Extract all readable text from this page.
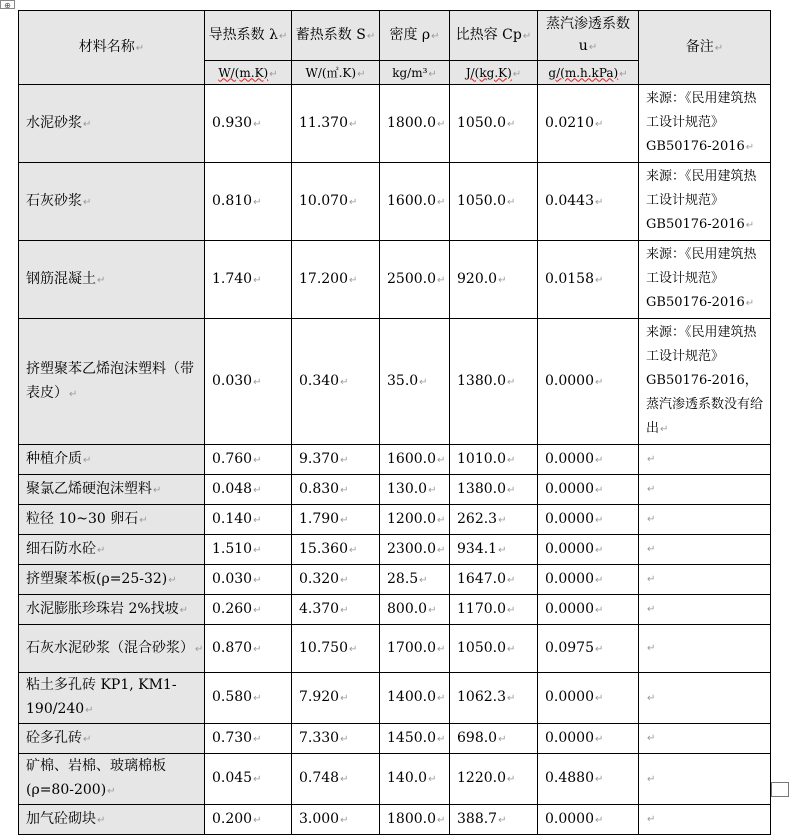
⊕
材料名称↵	导热系数 λ↵	蓄热系数 S↵	密度 ρ↵	比热容 Cp↵	蒸汽渗透系数 u↵	备注↵
	W/(m.K)↵	W/(㎡.K)↵	kg/m³↵	J/(kg.K)↵	g/(m.h.kPa)↵	
水泥砂浆↵	0.930↵	11.370↵	1800.0↵	1050.0↵	0.0210↵	来源：《民用建筑热工设计规范》GB50176-2016↵
石灰砂浆↵	0.810↵	10.070↵	1600.0↵	1050.0↵	0.0443↵	来源：《民用建筑热工设计规范》GB50176-2016↵
钢筋混凝土↵	1.740↵	17.200↵	2500.0↵	920.0↵	0.0158↵	来源：《民用建筑热工设计规范》GB50176-2016↵
挤塑聚苯乙烯泡沫塑料（带表皮）↵	0.030↵	0.340↵	35.0↵	1380.0↵	0.0000↵	来源：《民用建筑热工设计规范》GB50176-2016，蒸汽渗透系数没有给出↵
种植介质↵	0.760↵	9.370↵	1600.0↵	1010.0↵	0.0000↵	↵
聚氯乙烯硬泡沫塑料↵	0.048↵	0.830↵	130.0↵	1380.0↵	0.0000↵	↵
粒径 10~30 卵石↵	0.140↵	1.790↵	1200.0↵	262.3↵	0.0000↵	↵
细石防水砼↵	1.510↵	15.360↵	2300.0↵	934.1↵	0.0000↵	↵
挤塑聚苯板(ρ=25-32)↵	0.030↵	0.320↵	28.5↵	1647.0↵	0.0000↵	↵
水泥膨胀珍珠岩 2%找坡↵	0.260↵	4.370↵	800.0↵	1170.0↵	0.0000↵	↵
石灰水泥砂浆（混合砂浆）↵	0.870↵	10.750↵	1700.0↵	1050.0↵	0.0975↵	↵
粘土多孔砖 KP1, KM1-190/240↵	0.580↵	7.920↵	1400.0↵	1062.3↵	0.0000↵	↵
砼多孔砖↵	0.730↵	7.330↵	1450.0↵	698.0↵	0.0000↵	↵
矿棉、岩棉、玻璃棉板(ρ=80-200)↵	0.045↵	0.748↵	140.0↵	1220.0↵	0.4880↵	↵
加气砼砌块↵	0.200↵	3.000↵	1800.0↵	388.7↵	0.0000↵	↵
